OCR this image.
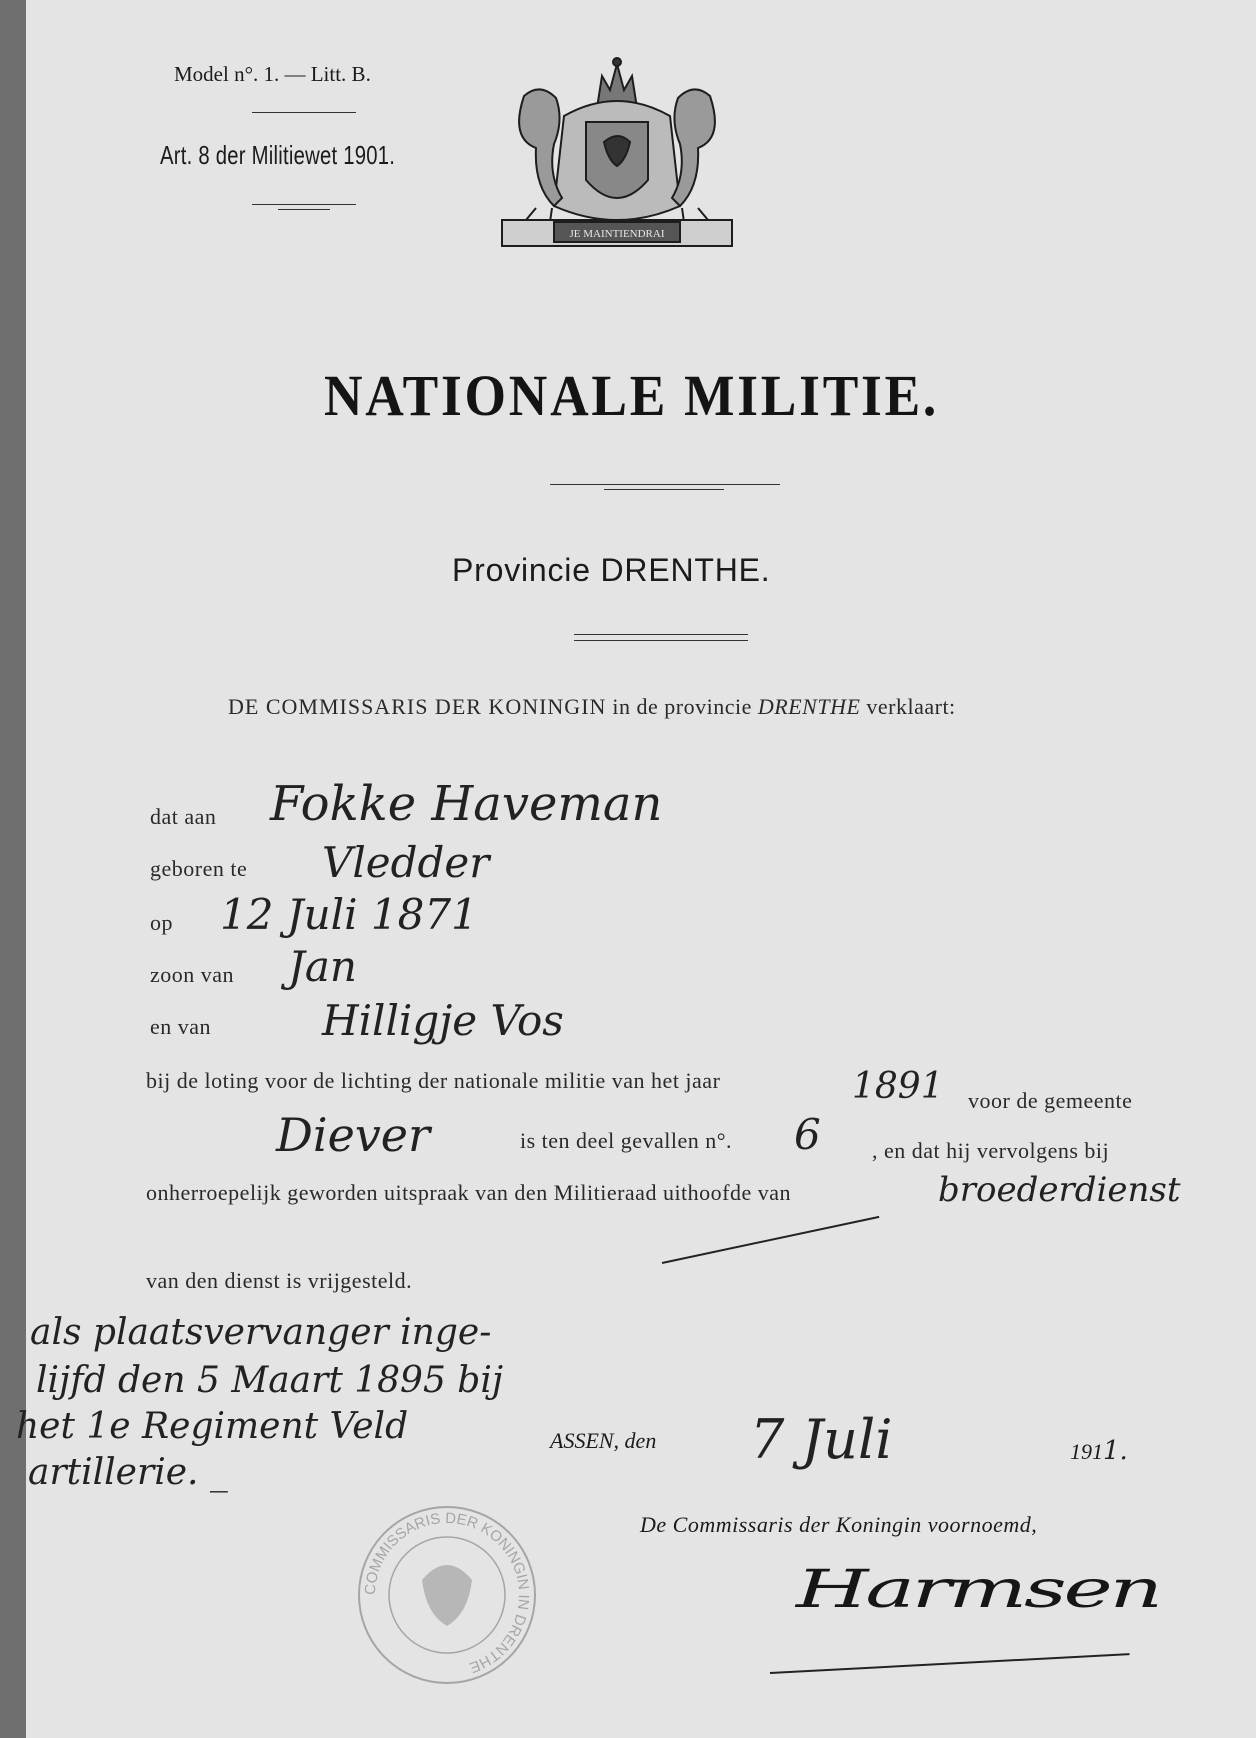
Model n°. 1. — Litt. B.
Art. 8 der Militiewet 1901.
JE MAINTIENDRAI
NATIONALE MILITIE.
Provincie DRENTHE.
DE COMMISSARIS DER KONINGIN in de provincie DRENTHE verklaart:
dat aan Fokke Haveman
geboren te Vledder
op 12 Juli 1871
zoon van Jan
en van	Hilligje Vos
bij de loting voor de lichting der nationale militie van het jaar	1891 voor de gemeente
Diever	is ten deel gevallen n°. 6 , en dat hij vervolgens bij
onherroepelijk geworden uitspraak van den Militieraad uithoofde van	broederdienst
van den dienst is vrijgesteld.
als plaatsvervanger inge-
lijfd den 5 Maart 1895 bij
het 1e Regiment Veld
artillerie. _
ASSEN, den 7 Juli	1911.
De Commissaris der Koningin voornoemd,
Harmsen
COMMISSARIS DER KONINGIN IN DRENTHE
